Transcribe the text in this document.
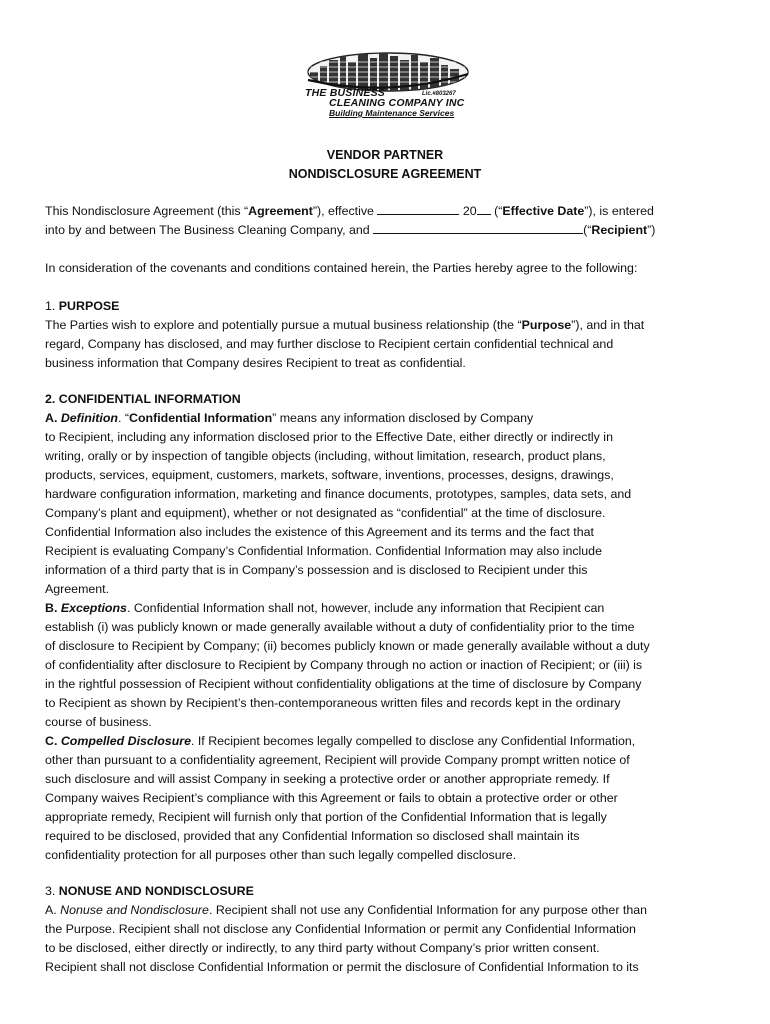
THE BUSINESS
CLEANING COMPANY INC
Building Maintenance Services
Lic.#803267
VENDOR PARTNER
NONDISCLOSURE AGREEMENT

This Nondisclosure Agreement (this “Agreement”), effective	20 (“Effective Date”), is entered
into by and between The Business Cleaning Company, and	(“Recipient”)

In consideration of the covenants and conditions contained herein, the Parties hereby agree to the following:

1. PURPOSE

The Parties wish to explore and potentially pursue a mutual business relationship (the “Purpose”), and in that
regard, Company has disclosed, and may further disclose to Recipient certain confidential technical and
business information that Company desires Recipient to treat as confidential.

2. CONFIDENTIAL INFORMATION

A. Definition. “Confidential Information” means any information disclosed by Company
to Recipient, including any information disclosed prior to the Effective Date, either directly or indirectly in
writing, orally or by inspection of tangible objects (including, without limitation, research, product plans,
products, services, equipment, customers, markets, software, inventions, processes, designs, drawings,
hardware configuration information, marketing and finance documents, prototypes, samples, data sets, and
Company’s plant and equipment), whether or not designated as “confidential” at the time of disclosure.
Confidential Information also includes the existence of this Agreement and its terms and the fact that
Recipient is evaluating Company’s Confidential Information. Confidential Information may also include
information of a third party that is in Company’s possession and is disclosed to Recipient under this
Agreement.
B. Exceptions. Confidential Information shall not, however, include any information that Recipient can
establish (i) was publicly known or made generally available without a duty of confidentiality prior to the time
of disclosure to Recipient by Company; (ii) becomes publicly known or made generally available without a duty
of confidentiality after disclosure to Recipient by Company through no action or inaction of Recipient; or (iii) is
in the rightful possession of Recipient without confidentiality obligations at the time of disclosure by Company
to Recipient as shown by Recipient’s then-contemporaneous written files and records kept in the ordinary
course of business.
C. Compelled Disclosure. If Recipient becomes legally compelled to disclose any Confidential Information,
other than pursuant to a confidentiality agreement, Recipient will provide Company prompt written notice of
such disclosure and will assist Company in seeking a protective order or another appropriate remedy. If
Company waives Recipient’s compliance with this Agreement or fails to obtain a protective order or other
appropriate remedy, Recipient will furnish only that portion of the Confidential Information that is legally
required to be disclosed, provided that any Confidential Information so disclosed shall maintain its
confidentiality protection for all purposes other than such legally compelled disclosure.

3. NONUSE AND NONDISCLOSURE

A. Nonuse and Nondisclosure. Recipient shall not use any Confidential Information for any purpose other than
the Purpose. Recipient shall not disclose any Confidential Information or permit any Confidential Information
to be disclosed, either directly or indirectly, to any third party without Company’s prior written consent.
Recipient shall not disclose Confidential Information or permit the disclosure of Confidential Information to its
